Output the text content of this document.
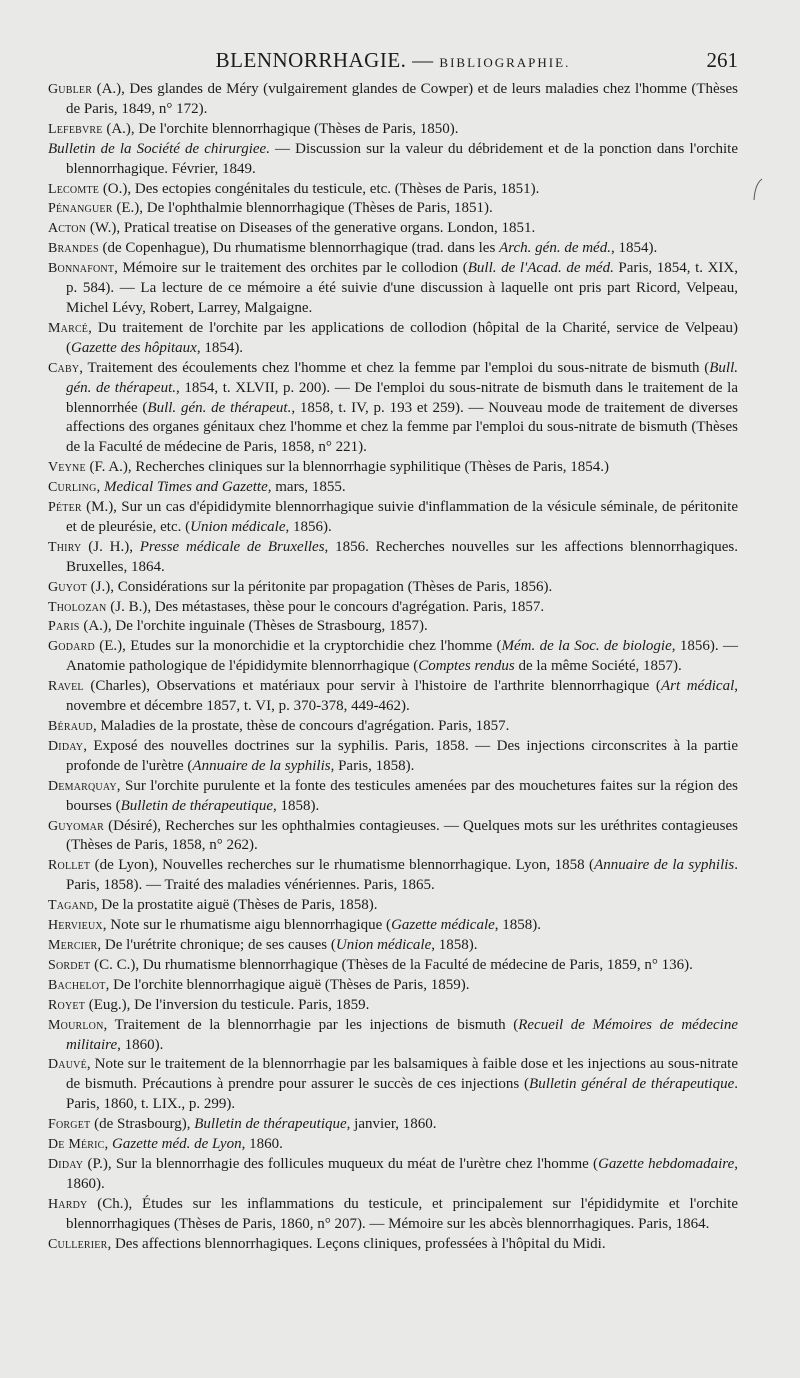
BLENNORRHAGIE. — BIBLIOGRAPHIE.	261

Gubler (A.), Des glandes de Méry (vulgairement glandes de Cowper) et de leurs maladies chez l'homme (Thèses de Paris, 1849, n° 172).

Lefebvre (A.), De l'orchite blennorrhagique (Thèses de Paris, 1850).

Bulletin de la Société de chirurgiee. — Discussion sur la valeur du débridement et de la ponction dans l'orchite blennorrhagique. Février, 1849.

Lecomte (O.), Des ectopies congénitales du testicule, etc. (Thèses de Paris, 1851).

Pénanguer (E.), De l'ophthalmie blennorrhagique (Thèses de Paris, 1851).

Acton (W.), Pratical treatise on Diseases of the generative organs. London, 1851.

Brandes (de Copenhague), Du rhumatisme blennorrhagique (trad. dans les Arch. gén. de méd., 1854).

Bonnafont, Mémoire sur le traitement des orchites par le collodion (Bull. de l'Acad. de méd. Paris, 1854, t. XIX, p. 584). — La lecture de ce mémoire a été suivie d'une discussion à laquelle ont pris part Ricord, Velpeau, Michel Lévy, Robert, Larrey, Malgaigne.

Marcé, Du traitement de l'orchite par les applications de collodion (hôpital de la Charité, service de Velpeau) (Gazette des hôpitaux, 1854).

Caby, Traitement des écoulements chez l'homme et chez la femme par l'emploi du sous-nitrate de bismuth (Bull. gén. de thérapeut., 1854, t. XLVII, p. 200). — De l'emploi du sous-nitrate de bismuth dans le traitement de la blennorrhée (Bull. gén. de thérapeut., 1858, t. IV, p. 193 et 259). — Nouveau mode de traitement de diverses affections des organes génitaux chez l'homme et chez la femme par l'emploi du sous-nitrate de bismuth (Thèses de la Faculté de médecine de Paris, 1858, n° 221).

Veyne (F. A.), Recherches cliniques sur la blennorrhagie syphilitique (Thèses de Paris, 1854.)

Curling, Medical Times and Gazette, mars, 1855.

Péter (M.), Sur un cas d'épididymite blennorrhagique suivie d'inflammation de la vésicule séminale, de péritonite et de pleurésie, etc. (Union médicale, 1856).

Thiry (J. H.), Presse médicale de Bruxelles, 1856. Recherches nouvelles sur les affections blennorrhagiques. Bruxelles, 1864.

Guyot (J.), Considérations sur la péritonite par propagation (Thèses de Paris, 1856).

Tholozan (J. B.), Des métastases, thèse pour le concours d'agrégation. Paris, 1857.

Paris (A.), De l'orchite inguinale (Thèses de Strasbourg, 1857).

Godard (E.), Etudes sur la monorchidie et la cryptorchidie chez l'homme (Mém. de la Soc. de biologie, 1856). — Anatomie pathologique de l'épididymite blennorrhagique (Comptes rendus de la même Société, 1857).

Ravel (Charles), Observations et matériaux pour servir à l'histoire de l'arthrite blennorrhagique (Art médical, novembre et décembre 1857, t. VI, p. 370-378, 449-462).

Béraud, Maladies de la prostate, thèse de concours d'agrégation. Paris, 1857.

Diday, Exposé des nouvelles doctrines sur la syphilis. Paris, 1858. — Des injections circonscrites à la partie profonde de l'urètre (Annuaire de la syphilis, Paris, 1858).

Demarquay, Sur l'orchite purulente et la fonte des testicules amenées par des mouchetures faites sur la région des bourses (Bulletin de thérapeutique, 1858).

Guyomar (Désiré), Recherches sur les ophthalmies contagieuses. — Quelques mots sur les uréthrites contagieuses (Thèses de Paris, 1858, n° 262).

Rollet (de Lyon), Nouvelles recherches sur le rhumatisme blennorrhagique. Lyon, 1858 (Annuaire de la syphilis. Paris, 1858). — Traité des maladies vénériennes. Paris, 1865.

Tagand, De la prostatite aiguë (Thèses de Paris, 1858).

Hervieux, Note sur le rhumatisme aigu blennorrhagique (Gazette médicale, 1858).

Mercier, De l'urétrite chronique; de ses causes (Union médicale, 1858).

Sordet (C. C.), Du rhumatisme blennorrhagique (Thèses de la Faculté de médecine de Paris, 1859, n° 136).

Bachelot, De l'orchite blennorrhagique aiguë (Thèses de Paris, 1859).

Royet (Eug.), De l'inversion du testicule. Paris, 1859.

Mourlon, Traitement de la blennorrhagie par les injections de bismuth (Recueil de Mémoires de médecine militaire, 1860).

Dauvé, Note sur le traitement de la blennorrhagie par les balsamiques à faible dose et les injections au sous-nitrate de bismuth. Précautions à prendre pour assurer le succès de ces injections (Bulletin général de thérapeutique. Paris, 1860, t. LIX., p. 299).

Forget (de Strasbourg), Bulletin de thérapeutique, janvier, 1860.

De Méric, Gazette méd. de Lyon, 1860.

Diday (P.), Sur la blennorrhagie des follicules muqueux du méat de l'urètre chez l'homme (Gazette hebdomadaire, 1860).

Hardy (Ch.), Études sur les inflammations du testicule, et principalement sur l'épididymite et l'orchite blennorrhagiques (Thèses de Paris, 1860, n° 207). — Mémoire sur les abcès blennorrhagiques. Paris, 1864.

Cullerier, Des affections blennorrhagiques. Leçons cliniques, professées à l'hôpital du Midi.
